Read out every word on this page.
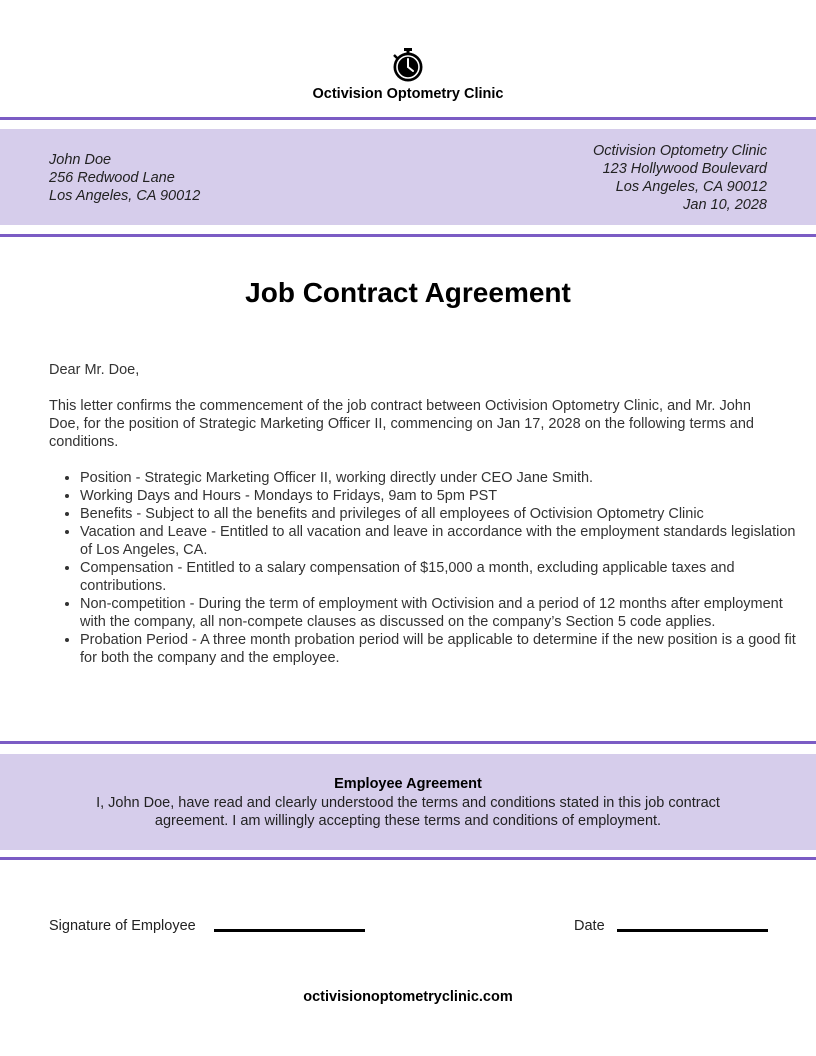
Octivision Optometry Clinic
John Doe
256 Redwood Lane
Los Angeles, CA 90012
Octivision Optometry Clinic
123 Hollywood Boulevard
Los Angeles, CA 90012
Jan 10, 2028
Job Contract Agreement
Dear Mr. Doe,
This letter confirms the commencement of the job contract between Octivision Optometry Clinic, and Mr. John Doe, for the position of Strategic Marketing Officer II, commencing on Jan 17, 2028 on the following terms and conditions.
• Position - Strategic Marketing Officer II, working directly under CEO Jane Smith.
• Working Days and Hours - Mondays to Fridays, 9am to 5pm PST
• Benefits - Subject to all the benefits and privileges of all employees of Octivision Optometry Clinic
• Vacation and Leave - Entitled to all vacation and leave in accordance with the employment standards legislation of Los Angeles, CA.
• Compensation - Entitled to a salary compensation of $15,000 a month, excluding applicable taxes and contributions.
• Non-competition - During the term of employment with Octivision and a period of 12 months after employment with the company, all non-compete clauses as discussed on the company’s Section 5 code applies.
• Probation Period - A three month probation period will be applicable to determine if the new position is a good fit for both the company and the employee.
Employee Agreement
I, John Doe, have read and clearly understood the terms and conditions stated in this job contract agreement. I am willingly accepting these terms and conditions of employment.
Signature of Employee	Date
octivisionoptometryclinic.com
